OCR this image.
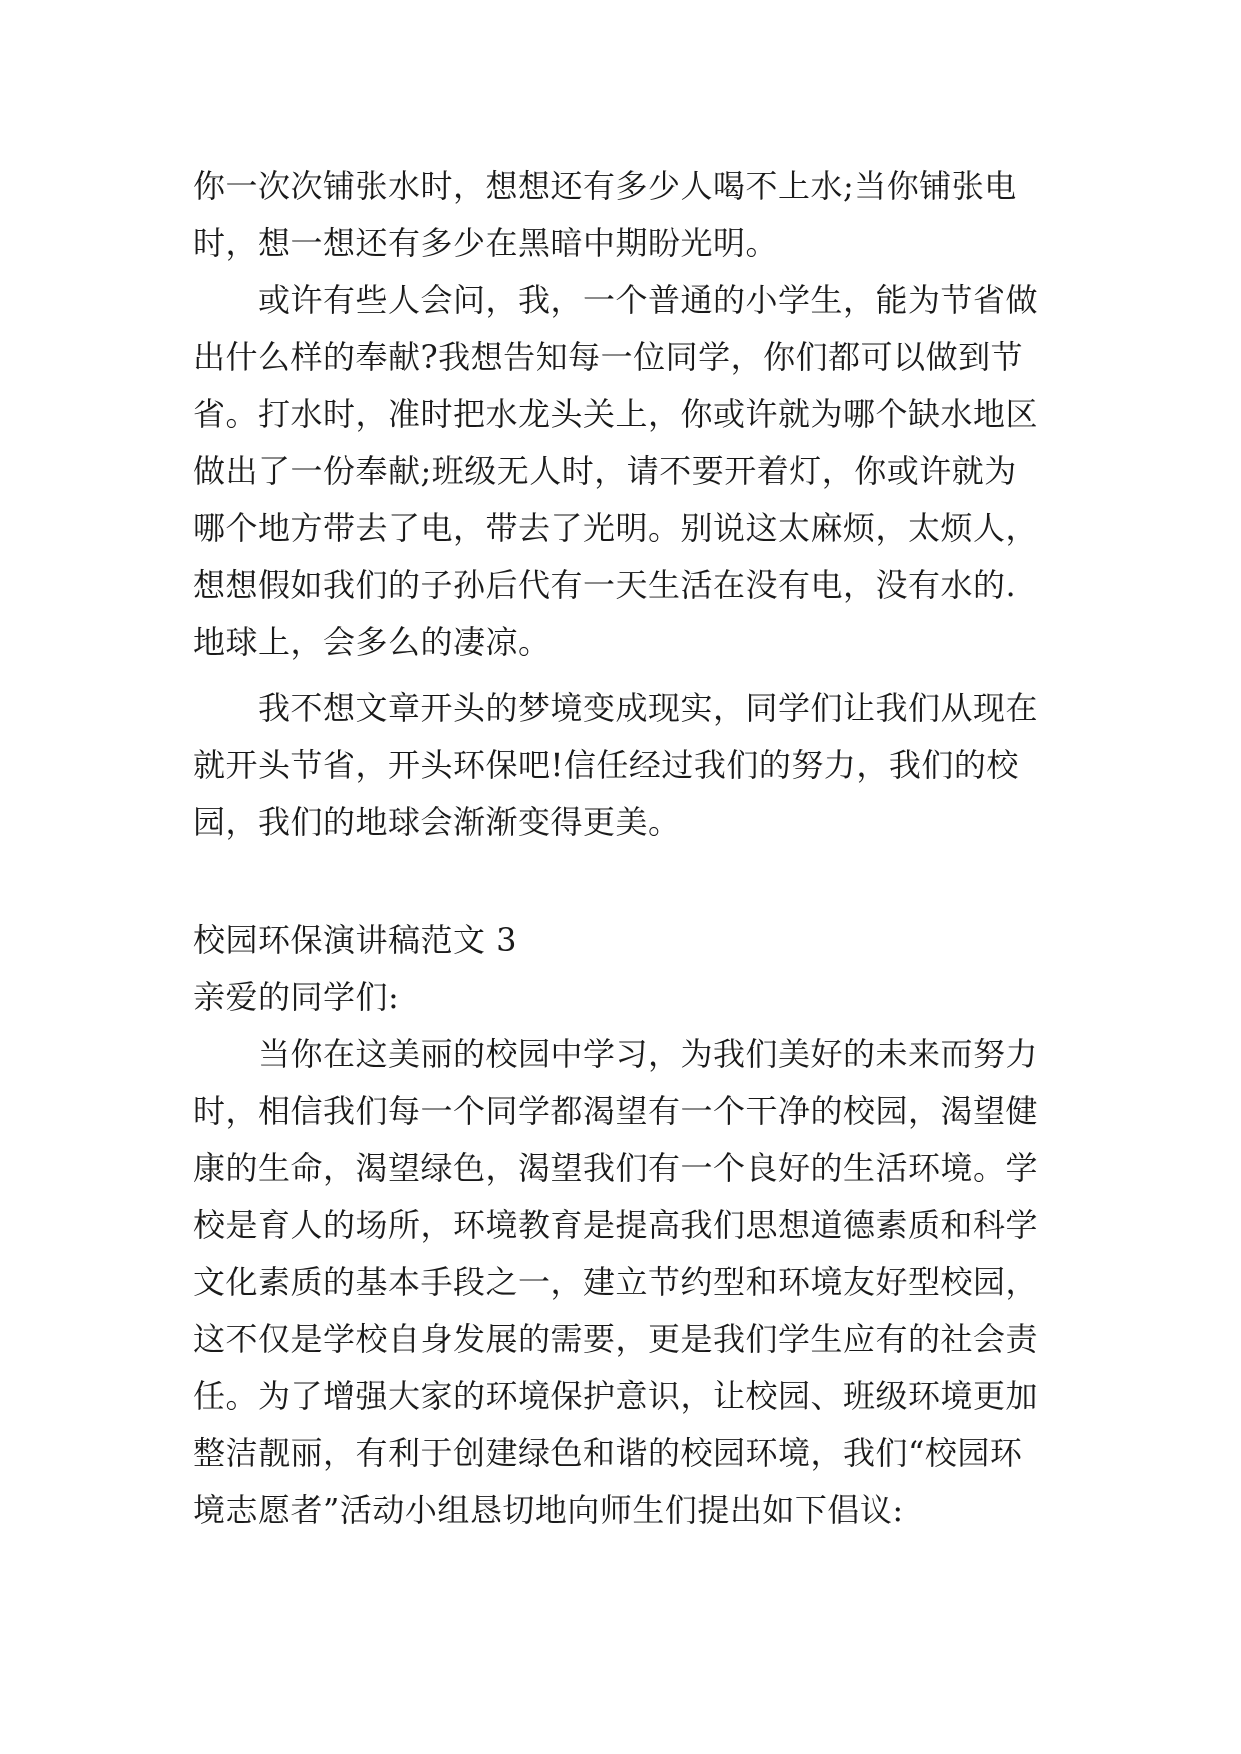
你一次次铺张水时，想想还有多少人喝不上水;当你铺张电
时，想一想还有多少在黑暗中期盼光明。
或许有些人会问，我，一个普通的小学生，能为节省做
出什么样的奉献?我想告知每一位同学，你们都可以做到节
省。打水时，准时把水龙头关上，你或许就为哪个缺水地区
做出了一份奉献;班级无人时，请不要开着灯，你或许就为
哪个地方带去了电，带去了光明。别说这太麻烦，太烦人，
想想假如我们的子孙后代有一天生活在没有电，没有水的.
地球上，会多么的凄凉。
我不想文章开头的梦境变成现实，同学们让我们从现在
就开头节省，开头环保吧!信任经过我们的努力，我们的校
园，我们的地球会渐渐变得更美。
校园环保演讲稿范文 3
亲爱的同学们:
当你在这美丽的校园中学习，为我们美好的未来而努力
时，相信我们每一个同学都渴望有一个干净的校园，渴望健
康的生命，渴望绿色，渴望我们有一个良好的生活环境。学
校是育人的场所，环境教育是提高我们思想道德素质和科学
文化素质的基本手段之一，建立节约型和环境友好型校园，
这不仅是学校自身发展的需要，更是我们学生应有的社会责
任。为了增强大家的环境保护意识，让校园、班级环境更加
整洁靓丽，有利于创建绿色和谐的校园环境，我们“校园环
境志愿者”活动小组恳切地向师生们提出如下倡议:
